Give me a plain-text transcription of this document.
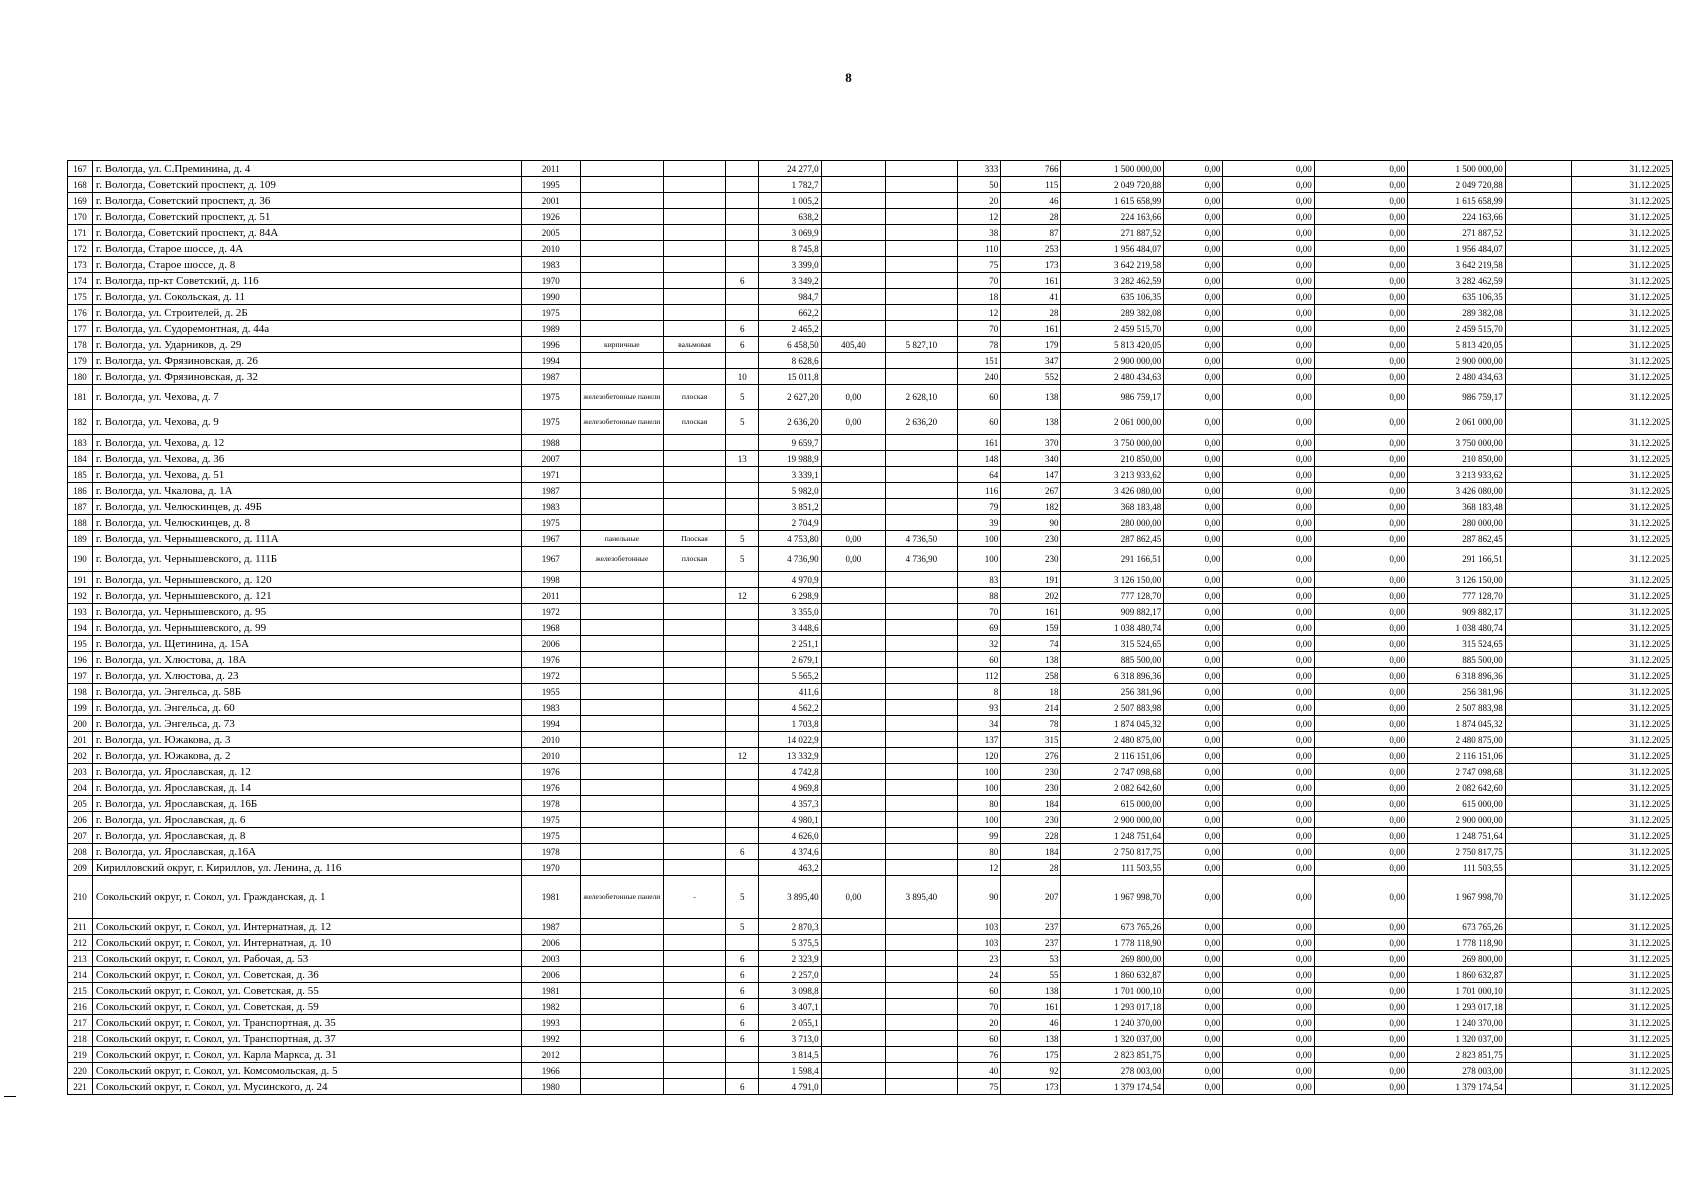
8
167	г. Вологда, ул. С.Преминина, д. 4	2011				24 277,0			333	766	1 500 000,00	0,00	0,00	0,00	1 500 000,00		31.12.2025
168	г. Вологда, Советский проспект, д. 109	1995				1 782,7			50	115	2 049 720,88	0,00	0,00	0,00	2 049 720,88		31.12.2025
169	г. Вологда, Советский проспект, д. 36	2001				1 005,2			20	46	1 615 658,99	0,00	0,00	0,00	1 615 658,99		31.12.2025
170	г. Вологда, Советский проспект, д. 51	1926				638,2			12	28	224 163,66	0,00	0,00	0,00	224 163,66		31.12.2025
171	г. Вологда, Советский проспект, д. 84А	2005				3 069,9			38	87	271 887,52	0,00	0,00	0,00	271 887,52		31.12.2025
172	г. Вологда, Старое шоссе, д. 4А	2010				8 745,8			110	253	1 956 484,07	0,00	0,00	0,00	1 956 484,07		31.12.2025
173	г. Вологда, Старое шоссе, д. 8	1983				3 399,0			75	173	3 642 219,58	0,00	0,00	0,00	3 642 219,58		31.12.2025
174	г. Вологда, пр-кт Советский, д. 116	1970			6	3 349,2			70	161	3 282 462,59	0,00	0,00	0,00	3 282 462,59		31.12.2025
175	г. Вологда, ул. Сокольская, д. 11	1990				984,7			18	41	635 106,35	0,00	0,00	0,00	635 106,35		31.12.2025
176	г. Вологда, ул. Строителей, д. 2Б	1975				662,2			12	28	289 382,08	0,00	0,00	0,00	289 382,08		31.12.2025
177	г. Вологда, ул. Судоремонтная, д. 44а	1989			6	2 465,2			70	161	2 459 515,70	0,00	0,00	0,00	2 459 515,70		31.12.2025
178	г. Вологда, ул. Ударников, д. 29	1996	кирпичные	вальмовая	6	6 458,50	405,40	5 827,10	78	179	5 813 420,05	0,00	0,00	0,00	5 813 420,05		31.12.2025
179	г. Вологда, ул. Фрязиновская, д. 26	1994				8 628,6			151	347	2 900 000,00	0,00	0,00	0,00	2 900 000,00		31.12.2025
180	г. Вологда, ул. Фрязиновская, д. 32	1987			10	15 011,8			240	552	2 480 434,63	0,00	0,00	0,00	2 480 434,63		31.12.2025
181	г. Вологда, ул. Чехова, д. 7	1975	железобетонные панели	плоская	5	2 627,20	0,00	2 628,10	60	138	986 759,17	0,00	0,00	0,00	986 759,17		31.12.2025
182	г. Вологда, ул. Чехова, д. 9	1975	железобетонные панели	плоская	5	2 636,20	0,00	2 636,20	60	138	2 061 000,00	0,00	0,00	0,00	2 061 000,00		31.12.2025
183	г. Вологда, ул. Чехова, д. 12	1988				9 659,7			161	370	3 750 000,00	0,00	0,00	0,00	3 750 000,00		31.12.2025
184	г. Вологда, ул. Чехова, д. 36	2007			13	19 988,9			148	340	210 850,00	0,00	0,00	0,00	210 850,00		31.12.2025
185	г. Вологда, ул. Чехова, д. 51	1971				3 339,1			64	147	3 213 933,62	0,00	0,00	0,00	3 213 933,62		31.12.2025
186	г. Вологда, ул. Чкалова, д. 1А	1987				5 982,0			116	267	3 426 080,00	0,00	0,00	0,00	3 426 080,00		31.12.2025
187	г. Вологда, ул. Челюскинцев, д. 49Б	1983				3 851,2			79	182	368 183,48	0,00	0,00	0,00	368 183,48		31.12.2025
188	г. Вологда, ул. Челюскинцев, д. 8	1975				2 704,9			39	90	280 000,00	0,00	0,00	0,00	280 000,00		31.12.2025
189	г. Вологда, ул. Чернышевского, д. 111А	1967	панельные	Плоская	5	4 753,80	0,00	4 736,50	100	230	287 862,45	0,00	0,00	0,00	287 862,45		31.12.2025
190	г. Вологда, ул. Чернышевского, д. 111Б	1967	железобетонные	плоская	5	4 736,90	0,00	4 736,90	100	230	291 166,51	0,00	0,00	0,00	291 166,51		31.12.2025
191	г. Вологда, ул. Чернышевского, д. 120	1998				4 970,9			83	191	3 126 150,00	0,00	0,00	0,00	3 126 150,00		31.12.2025
192	г. Вологда, ул. Чернышевского, д. 121	2011			12	6 298,9			88	202	777 128,70	0,00	0,00	0,00	777 128,70		31.12.2025
193	г. Вологда, ул. Чернышевского, д. 95	1972				3 355,0			70	161	909 882,17	0,00	0,00	0,00	909 882,17		31.12.2025
194	г. Вологда, ул. Чернышевского, д. 99	1968				3 448,6			69	159	1 038 480,74	0,00	0,00	0,00	1 038 480,74		31.12.2025
195	г. Вологда, ул. Щетинина, д. 15А	2006				2 251,1			32	74	315 524,65	0,00	0,00	0,00	315 524,65		31.12.2025
196	г. Вологда, ул. Хлюстова, д. 18А	1976				2 679,1			60	138	885 500,00	0,00	0,00	0,00	885 500,00		31.12.2025
197	г. Вологда, ул. Хлюстова, д. 23	1972				5 565,2			112	258	6 318 896,36	0,00	0,00	0,00	6 318 896,36		31.12.2025
198	г. Вологда, ул. Энгельса, д. 58Б	1955				411,6			8	18	256 381,96	0,00	0,00	0,00	256 381,96		31.12.2025
199	г. Вологда, ул. Энгельса, д. 60	1983				4 562,2			93	214	2 507 883,98	0,00	0,00	0,00	2 507 883,98		31.12.2025
200	г. Вологда, ул. Энгельса, д. 73	1994				1 703,8			34	78	1 874 045,32	0,00	0,00	0,00	1 874 045,32		31.12.2025
201	г. Вологда, ул. Южакова, д. 3	2010				14 022,9			137	315	2 480 875,00	0,00	0,00	0,00	2 480 875,00		31.12.2025
202	г. Вологда, ул. Южакова, д. 2	2010			12	13 332,9			120	276	2 116 151,06	0,00	0,00	0,00	2 116 151,06		31.12.2025
203	г. Вологда, ул. Ярославская, д. 12	1976				4 742,8			100	230	2 747 098,68	0,00	0,00	0,00	2 747 098,68		31.12.2025
204	г. Вологда, ул. Ярославская, д. 14	1976				4 969,8			100	230	2 082 642,60	0,00	0,00	0,00	2 082 642,60		31.12.2025
205	г. Вологда, ул. Ярославская, д. 16Б	1978				4 357,3			80	184	615 000,00	0,00	0,00	0,00	615 000,00		31.12.2025
206	г. Вологда, ул. Ярославская, д. 6	1975				4 980,1			100	230	2 900 000,00	0,00	0,00	0,00	2 900 000,00		31.12.2025
207	г. Вологда, ул. Ярославская, д. 8	1975				4 626,0			99	228	1 248 751,64	0,00	0,00	0,00	1 248 751,64		31.12.2025
208	г. Вологда, ул. Ярославская, д.16А	1978			6	4 374,6			80	184	2 750 817,75	0,00	0,00	0,00	2 750 817,75		31.12.2025
209	Кирилловский округ, г. Кириллов, ул. Ленина, д. 116	1970				463,2			12	28	111 503,55	0,00	0,00	0,00	111 503,55		31.12.2025
210	Сокольский округ, г. Сокол, ул. Гражданская, д. 1	1981	железобетонные панели	-	5	3 895,40	0,00	3 895,40	90	207	1 967 998,70	0,00	0,00	0,00	1 967 998,70		31.12.2025
211	Сокольский округ, г. Сокол, ул. Интернатная, д. 12	1987			5	2 870,3			103	237	673 765,26	0,00	0,00	0,00	673 765,26		31.12.2025
212	Сокольский округ, г. Сокол, ул. Интернатная, д. 10	2006				5 375,5			103	237	1 778 118,90	0,00	0,00	0,00	1 778 118,90		31.12.2025
213	Сокольский округ, г. Сокол, ул. Рабочая, д. 53	2003			6	2 323,9			23	53	269 800,00	0,00	0,00	0,00	269 800,00		31.12.2025
214	Сокольский округ, г. Сокол, ул. Советская, д. 36	2006			6	2 257,0			24	55	1 860 632,87	0,00	0,00	0,00	1 860 632,87		31.12.2025
215	Сокольский округ, г. Сокол, ул. Советская, д. 55	1981			6	3 098,8			60	138	1 701 000,10	0,00	0,00	0,00	1 701 000,10		31.12.2025
216	Сокольский округ, г. Сокол, ул. Советская, д. 59	1982			6	3 407,1			70	161	1 293 017,18	0,00	0,00	0,00	1 293 017,18		31.12.2025
217	Сокольский округ, г. Сокол, ул. Транспортная, д. 35	1993			6	2 055,1			20	46	1 240 370,00	0,00	0,00	0,00	1 240 370,00		31.12.2025
218	Сокольский округ, г. Сокол, ул. Транспортная, д. 37	1992			6	3 713,0			60	138	1 320 037,00	0,00	0,00	0,00	1 320 037,00		31.12.2025
219	Сокольский округ, г. Сокол, ул. Карла Маркса, д. 31	2012				3 814,5			76	175	2 823 851,75	0,00	0,00	0,00	2 823 851,75		31.12.2025
220	Сокольский округ, г. Сокол, ул. Комсомольская, д. 5	1966				1 598,4			40	92	278 003,00	0,00	0,00	0,00	278 003,00		31.12.2025
221	Сокольский округ, г. Сокол, ул. Мусинского, д. 24	1980			6	4 791,0			75	173	1 379 174,54	0,00	0,00	0,00	1 379 174,54		31.12.2025
